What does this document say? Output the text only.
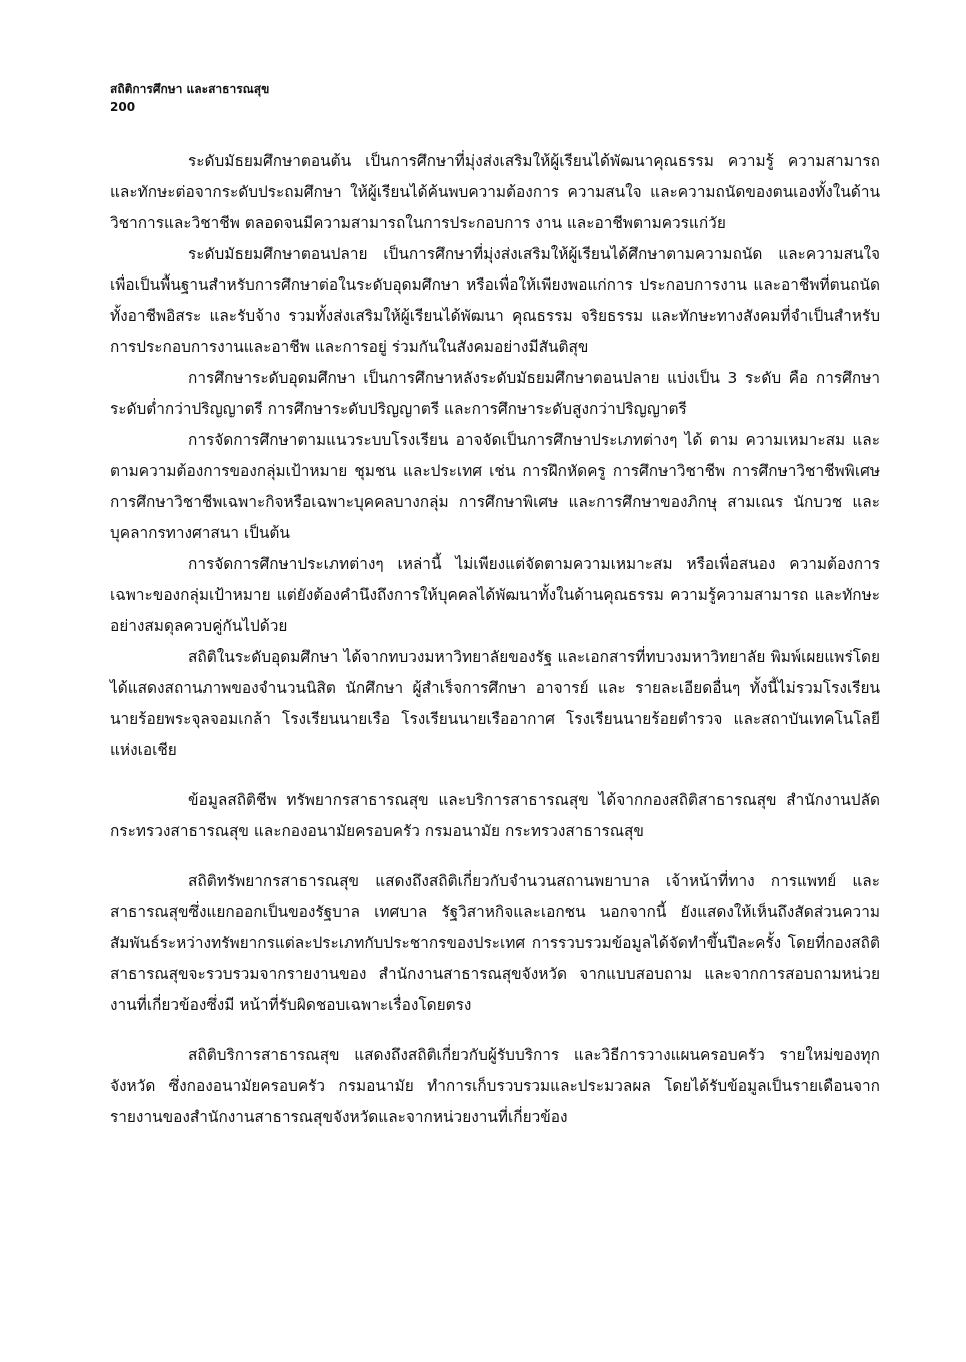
สถิติการศึกษา และสาธารณสุข
200

ระดับมัธยมศึกษาตอนต้น เป็นการศึกษาที่มุ่งส่งเสริมให้ผู้เรียนได้พัฒนาคุณธรรม ความรู้ ความสามารถ และทักษะต่อจากระดับประถมศึกษา ให้ผู้เรียนได้ค้นพบความต้องการ ความสนใจ และความถนัดของตนเองทั้งในด้านวิชาการและวิชาชีพ ตลอดจนมีความสามารถในการประกอบการ งาน และอาชีพตามควรแก่วัย

ระดับมัธยมศึกษาตอนปลาย เป็นการศึกษาที่มุ่งส่งเสริมให้ผู้เรียนได้ศึกษาตามความถนัด และความสนใจเพื่อเป็นพื้นฐานสำหรับการศึกษาต่อในระดับอุดมศึกษา หรือเพื่อให้เพียงพอแก่การ ประกอบการงาน และอาชีพที่ตนถนัดทั้งอาชีพอิสระ และรับจ้าง รวมทั้งส่งเสริมให้ผู้เรียนได้พัฒนา คุณธรรม จริยธรรม และทักษะทางสังคมที่จำเป็นสำหรับการประกอบการงานและอาชีพ และการอยู่ ร่วมกันในสังคมอย่างมีสันติสุข

การศึกษาระดับอุดมศึกษา เป็นการศึกษาหลังระดับมัธยมศึกษาตอนปลาย แบ่งเป็น 3 ระดับ คือ การศึกษาระดับต่ำกว่าปริญญาตรี การศึกษาระดับปริญญาตรี และการศึกษาระดับสูงกว่าปริญญาตรี

การจัดการศึกษาตามแนวระบบโรงเรียน อาจจัดเป็นการศึกษาประเภทต่างๆ ได้ ตาม ความเหมาะสม และตามความต้องการของกลุ่มเป้าหมาย ชุมชน และประเทศ เช่น การฝึกหัดครู การศึกษาวิชาชีพ การศึกษาวิชาชีพพิเศษ การศึกษาวิชาชีพเฉพาะกิจหรือเฉพาะบุคคลบางกลุ่ม การศึกษาพิเศษ และการศึกษาของภิกษุ สามเณร นักบวช และบุคลากรทางศาสนา เป็นต้น

การจัดการศึกษาประเภทต่างๆ เหล่านี้ ไม่เพียงแต่จัดตามความเหมาะสม หรือเพื่อสนอง ความต้องการเฉพาะของกลุ่มเป้าหมาย แต่ยังต้องคำนึงถึงการให้บุคคลได้พัฒนาทั้งในด้านคุณธรรม ความรู้ความสามารถ และทักษะอย่างสมดุลควบคู่กันไปด้วย

สถิติในระดับอุดมศึกษา ได้จากทบวงมหาวิทยาลัยของรัฐ และเอกสารที่ทบวงมหาวิทยาลัย พิมพ์เผยแพร่โดยได้แสดงสถานภาพของจำนวนนิสิต นักศึกษา ผู้สำเร็จการศึกษา อาจารย์ และ รายละเอียดอื่นๆ ทั้งนี้ไม่รวมโรงเรียนนายร้อยพระจุลจอมเกล้า โรงเรียนนายเรือ โรงเรียนนายเรืออากาศ โรงเรียนนายร้อยตำรวจ และสถาบันเทคโนโลยีแห่งเอเชีย

ข้อมูลสถิติชีพ ทรัพยากรสาธารณสุข และบริการสาธารณสุข ได้จากกองสถิติสาธารณสุข สำนักงานปลัดกระทรวงสาธารณสุข และกองอนามัยครอบครัว กรมอนามัย กระทรวงสาธารณสุข

สถิติทรัพยากรสาธารณสุข แสดงถึงสถิติเกี่ยวกับจำนวนสถานพยาบาล เจ้าหน้าที่ทาง การแพทย์ และสาธารณสุขซึ่งแยกออกเป็นของรัฐบาล เทศบาล รัฐวิสาหกิจและเอกชน นอกจากนี้ ยังแสดงให้เห็นถึงสัดส่วนความสัมพันธ์ระหว่างทรัพยากรแต่ละประเภทกับประชากรของประเทศ การรวบรวมข้อมูลได้จัดทำขึ้นปีละครั้ง โดยที่กองสถิติสาธารณสุขจะรวบรวมจากรายงานของ สำนักงานสาธารณสุขจังหวัด จากแบบสอบถาม และจากการสอบถามหน่วยงานที่เกี่ยวข้องซึ่งมี หน้าที่รับผิดชอบเฉพาะเรื่องโดยตรง

สถิติบริการสาธารณสุข แสดงถึงสถิติเกี่ยวกับผู้รับบริการ และวิธีการวางแผนครอบครัว รายใหม่ของทุกจังหวัด ซึ่งกองอนามัยครอบครัว กรมอนามัย ทำการเก็บรวบรวมและประมวลผล โดยได้รับข้อมูลเป็นรายเดือนจากรายงานของสำนักงานสาธารณสุขจังหวัดและจากหน่วยงานที่เกี่ยวข้อง
